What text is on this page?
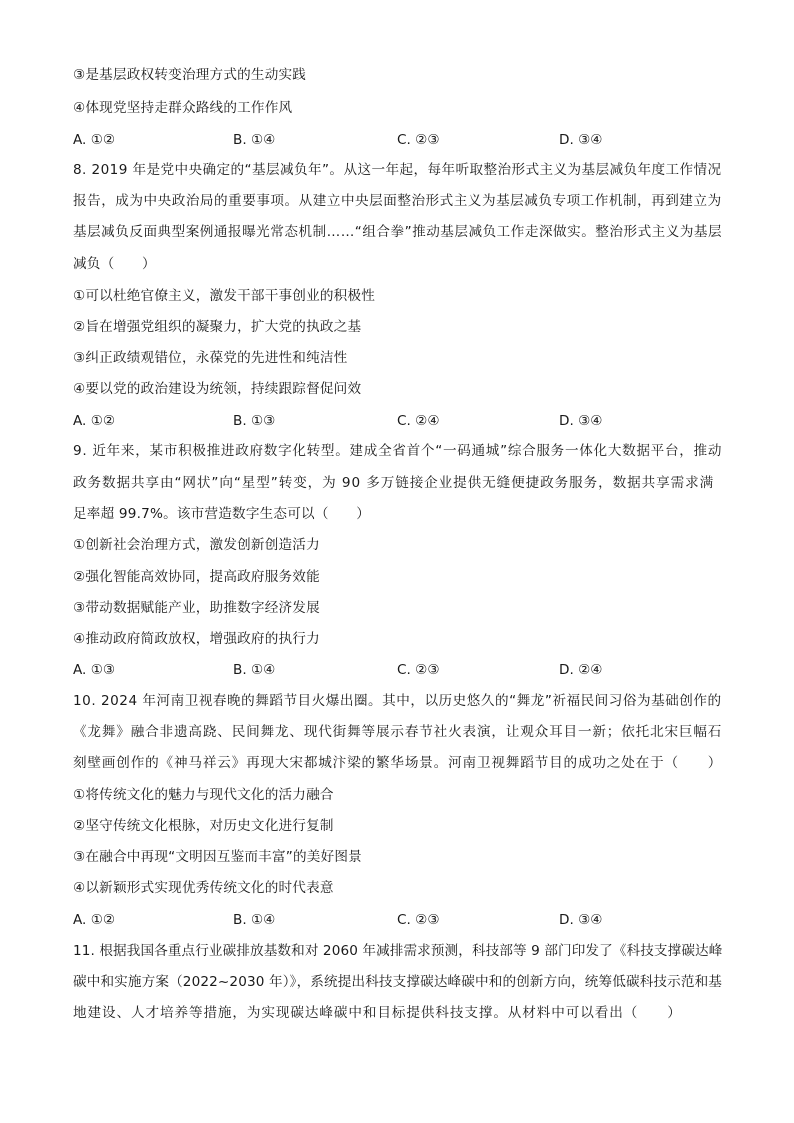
③是基层政权转变治理方式的生动实践
④体现党坚持走群众路线的工作作风
A. ①②	B. ①④	C. ②③	D. ③④
8. 2019 年是党中央确定的“基层减负年”。从这一年起，每年听取整治形式主义为基层减负年度工作情况
报告，成为中央政治局的重要事项。从建立中央层面整治形式主义为基层减负专项工作机制，再到建立为
基层减负反面典型案例通报曝光常态机制……“组合拳”推动基层减负工作走深做实。整治形式主义为基层
减负（　　）
①可以杜绝官僚主义，激发干部干事创业的积极性
②旨在增强党组织的凝聚力，扩大党的执政之基
③纠正政绩观错位，永葆党的先进性和纯洁性
④要以党的政治建设为统领，持续跟踪督促问效
A. ①②	B. ①③	C. ②④	D. ③④
9. 近年来，某市积极推进政府数字化转型。建成全省首个“一码通城”综合服务一体化大数据平台，推动
政务数据共享由“网状”向“星型”转变，为 90 多万链接企业提供无缝便捷政务服务，数据共享需求满
足率超 99.7%。该市营造数字生态可以（　　）
①创新社会治理方式，激发创新创造活力
②强化智能高效协同，提高政府服务效能
③带动数据赋能产业，助推数字经济发展
④推动政府简政放权，增强政府的执行力
A. ①③	B. ①④	C. ②③	D. ②④
10. 2024 年河南卫视春晚的舞蹈节目火爆出圈。其中，以历史悠久的“舞龙”祈福民间习俗为基础创作的
《龙舞》融合非遗高跷、民间舞龙、现代街舞等展示春节社火表演，让观众耳目一新；依托北宋巨幅石
刻壁画创作的《神马祥云》再现大宋都城汴梁的繁华场景。河南卫视舞蹈节目的成功之处在于（　　）
①将传统文化的魅力与现代文化的活力融合
②坚守传统文化根脉，对历史文化进行复制
③在融合中再现“文明因互鉴而丰富”的美好图景
④以新颖形式实现优秀传统文化的时代表意
A. ①②	B. ①④	C. ②③	D. ③④
11. 根据我国各重点行业碳排放基数和对 2060 年减排需求预测，科技部等 9 部门印发了《科技支撑碳达峰
碳中和实施方案（2022~2030 年）》，系统提出科技支撑碳达峰碳中和的创新方向，统筹低碳科技示范和基
地建设、人才培养等措施，为实现碳达峰碳中和目标提供科技支撑。从材料中可以看出（　　）
